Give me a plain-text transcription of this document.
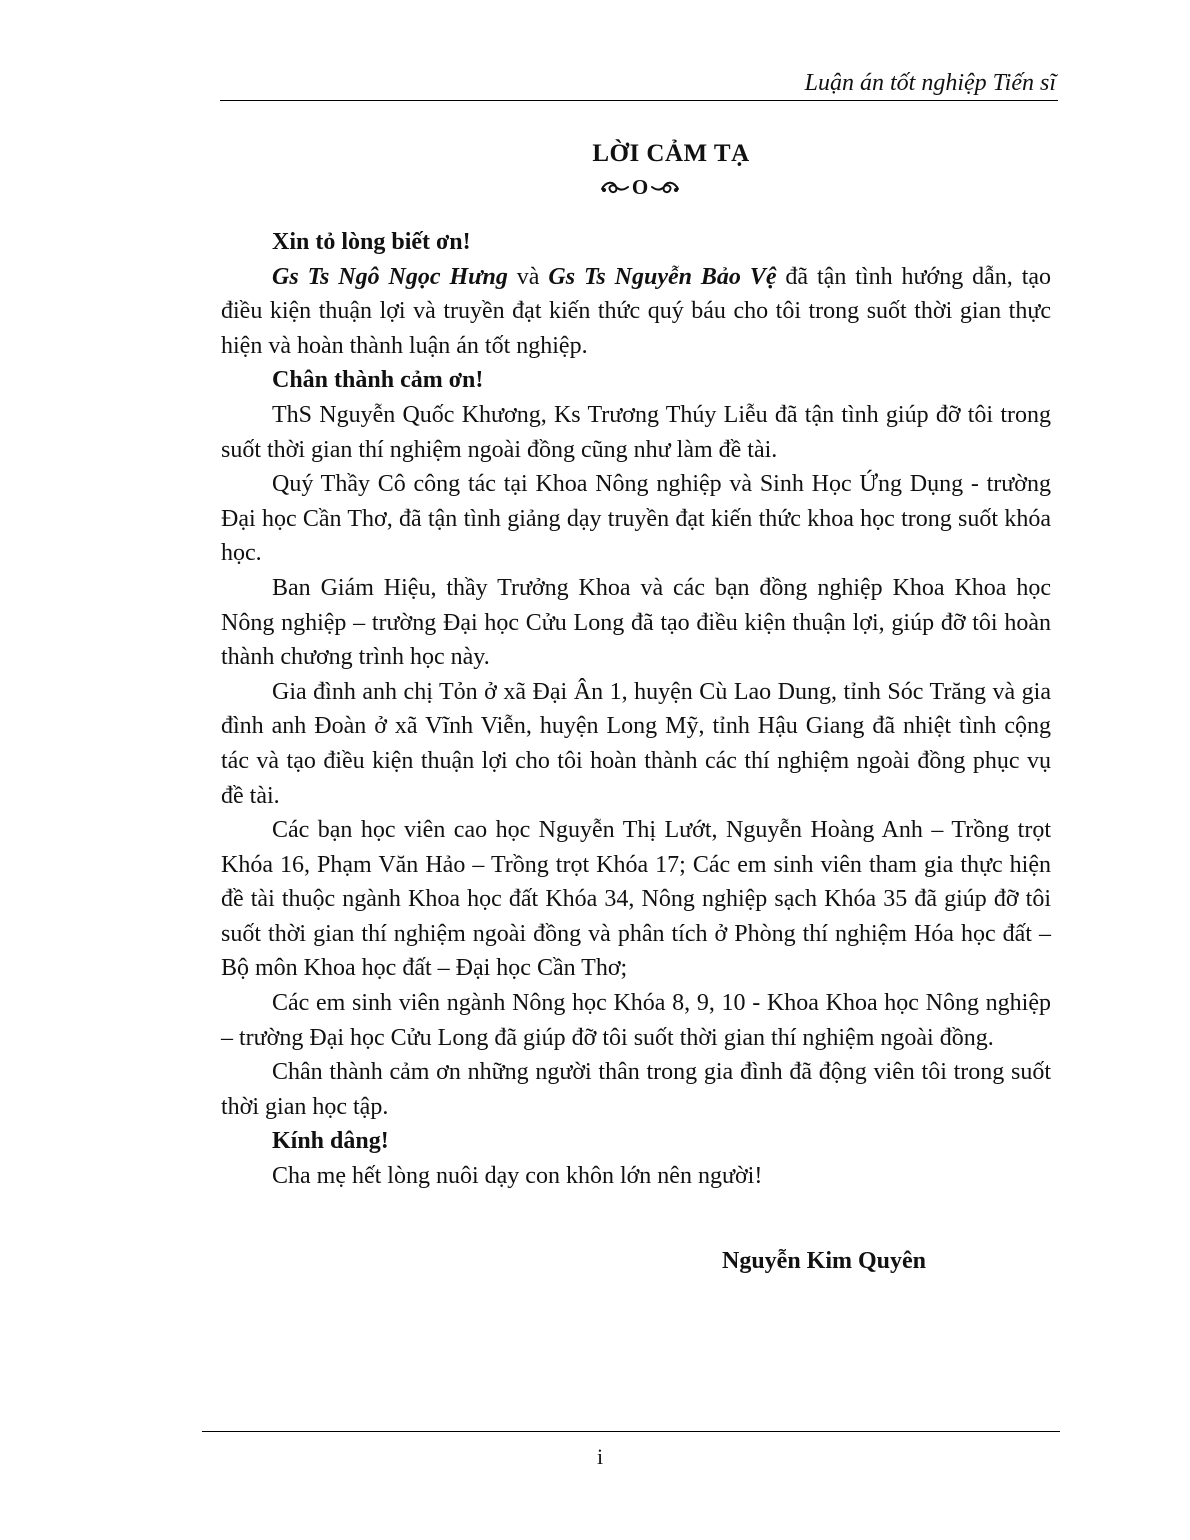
Luận án tốt nghiệp Tiến sĩ
LỜI CẢM TẠ
O

Xin tỏ lòng biết ơn!

Gs Ts Ngô Ngọc Hưng và Gs Ts Nguyễn Bảo Vệ đã tận tình hướng dẫn, tạo điều kiện thuận lợi và truyền đạt kiến thức quý báu cho tôi trong suốt thời gian thực hiện và hoàn thành luận án tốt nghiệp.

Chân thành cảm ơn!

ThS Nguyễn Quốc Khương, Ks Trương Thúy Liễu đã tận tình giúp đỡ tôi trong suốt thời gian thí nghiệm ngoài đồng cũng như làm đề tài.

Quý Thầy Cô công tác tại Khoa Nông nghiệp và Sinh Học Ứng Dụng - trường Đại học Cần Thơ, đã tận tình giảng dạy truyền đạt kiến thức khoa học trong suốt khóa học.

Ban Giám Hiệu, thầy Trưởng Khoa và các bạn đồng nghiệp Khoa Khoa học Nông nghiệp – trường Đại học Cửu Long đã tạo điều kiện thuận lợi, giúp đỡ tôi hoàn thành chương trình học này.

Gia đình anh chị Tỏn ở xã Đại Ân 1, huyện Cù Lao Dung, tỉnh Sóc Trăng và gia đình anh Đoàn ở xã Vĩnh Viễn, huyện Long Mỹ, tỉnh Hậu Giang đã nhiệt tình cộng tác và tạo điều kiện thuận lợi cho tôi hoàn thành các thí nghiệm ngoài đồng phục vụ đề tài.

Các bạn học viên cao học Nguyễn Thị Lướt, Nguyễn Hoàng Anh – Trồng trọt Khóa 16, Phạm Văn Hảo – Trồng trọt Khóa 17; Các em sinh viên tham gia thực hiện đề tài thuộc ngành Khoa học đất Khóa 34, Nông nghiệp sạch Khóa 35 đã giúp đỡ tôi suốt thời gian thí nghiệm ngoài đồng và phân tích ở Phòng thí nghiệm Hóa học đất – Bộ môn Khoa học đất – Đại học Cần Thơ;

Các em sinh viên ngành Nông học Khóa 8, 9, 10 - Khoa Khoa học Nông nghiệp – trường Đại học Cửu Long đã giúp đỡ tôi suốt thời gian thí nghiệm ngoài đồng.

Chân thành cảm ơn những người thân trong gia đình đã động viên tôi trong suốt thời gian học tập.

Kính dâng!

Cha mẹ hết lòng nuôi dạy con khôn lớn nên người!

Nguyễn Kim Quyên
i
